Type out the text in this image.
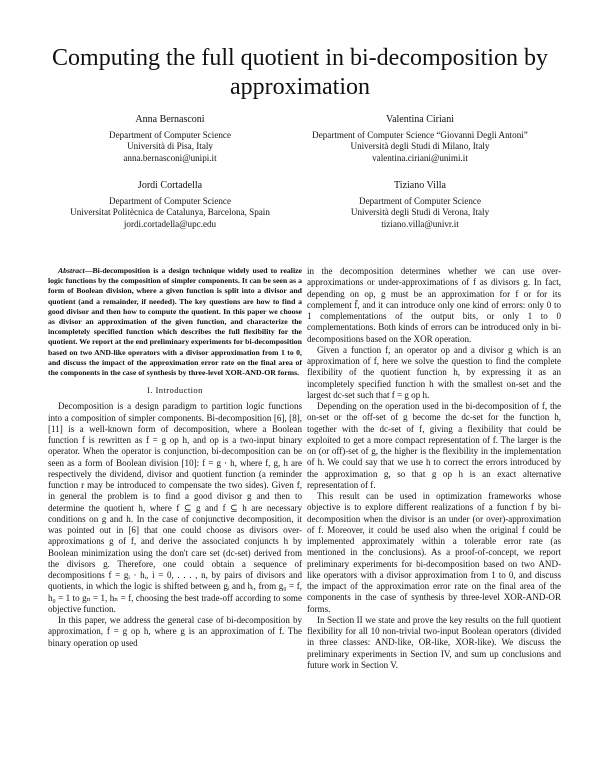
Computing the full quotient in bi-decomposition by approximation
Anna Bernasconi
Department of Computer Science
Università di Pisa, Italy
anna.bernasconi@unipi.it
Valentina Ciriani
Department of Computer Science “Giovanni Degli Antoni”
Università degli Studi di Milano, Italy
valentina.ciriani@unimi.it
Jordi Cortadella
Department of Computer Science
Universitat Politècnica de Catalunya, Barcelona, Spain
jordi.cortadella@upc.edu
Tiziano Villa
Department of Computer Science
Università degli Studi di Verona, Italy
tiziano.villa@univr.it

Abstract—Bi-decomposition is a design technique widely used to realize logic functions by the composition of simpler components. It can be seen as a form of Boolean division, where a given function is split into a divisor and quotient (and a remainder, if needed). The key questions are how to find a good divisor and then how to compute the quotient. In this paper we choose as divisor an approximation of the given function, and characterize the incompletely specified function which describes the full flexibility for the quotient. We report at the end preliminary experiments for bi-decomposition based on two AND-like operators with a divisor approximation from 1 to 0, and discuss the impact of the approximation error rate on the final area of the components in the case of synthesis by three-level XOR-AND-OR forms.

I. Introduction

Decomposition is a design paradigm to partition logic functions into a composition of simpler components. Bi-decomposition [6], [8], [11] is a well-known form of decomposition, where a Boolean function f is rewritten as f = g op h, and op is a two-input binary operator. When the operator is conjunction, bi-decomposition can be seen as a form of Boolean division [10]: f = g · h, where f, g, h are respectively the dividend, divisor and quotient function (a reminder function r may be introduced to compensate the two sides). Given f, in general the problem is to find a good divisor g and then to determine the quotient h, where f ⊆ g and f ⊆ h are necessary conditions on g and h. In the case of conjunctive decomposition, it was pointed out in [6] that one could choose as divisors over-approximations g of f, and derive the associated conjuncts h by Boolean minimization using the don't care set (dc-set) derived from the divisors g. Therefore, one could obtain a sequence of decompositions f = gᵢ · hᵢ, i = 0, . . . , n, by pairs of divisors and quotients, in which the logic is shifted between gᵢ and hᵢ, from g₀ = f, h₀ = 1 to gₙ = 1, hₙ = f, choosing the best trade-off according to some objective function.

In this paper, we address the general case of bi-decomposition by approximation, f = g op h, where g is an approximation of f. The binary operation op used

in the decomposition determines whether we can use over-approximations or under-approximations of f as divisors g. In fact, depending on op, g must be an approximation for f or for its complement f̄, and it can introduce only one kind of errors: only 0 to 1 complementations of the output bits, or only 1 to 0 complementations. Both kinds of errors can be introduced only in bi-decompositions based on the XOR operation.

Given a function f, an operator op and a divisor g which is an approximation of f, here we solve the question to find the complete flexibility of the quotient function h, by expressing it as an incompletely specified function h with the smallest on-set and the largest dc-set such that f = g op h.

Depending on the operation used in the bi-decomposition of f, the on-set or the off-set of g become the dc-set for the function h, together with the dc-set of f, giving a flexibility that could be exploited to get a more compact representation of f. The larger is the on (or off)-set of g, the higher is the flexibility in the implementation of h. We could say that we use h to correct the errors introduced by the approximation g, so that g op h is an exact alternative representation of f.

This result can be used in optimization frameworks whose objective is to explore different realizations of a function f by bi-decomposition when the divisor is an under (or over)-approximation of f. Moreover, it could be used also when the original f could be implemented approximately within a tolerable error rate (as mentioned in the conclusions). As a proof-of-concept, we report preliminary experiments for bi-decomposition based on two AND-like operators with a divisor approximation from 1 to 0, and discuss the impact of the approximation error rate on the final area of the components in the case of synthesis by three-level XOR-AND-OR forms.

In Section II we state and prove the key results on the full quotient flexibility for all 10 non-trivial two-input Boolean operators (divided in three classes: AND-like, OR-like, XOR-like). We discuss the preliminary experiments in Section IV, and sum up conclusions and future work in Section V.
